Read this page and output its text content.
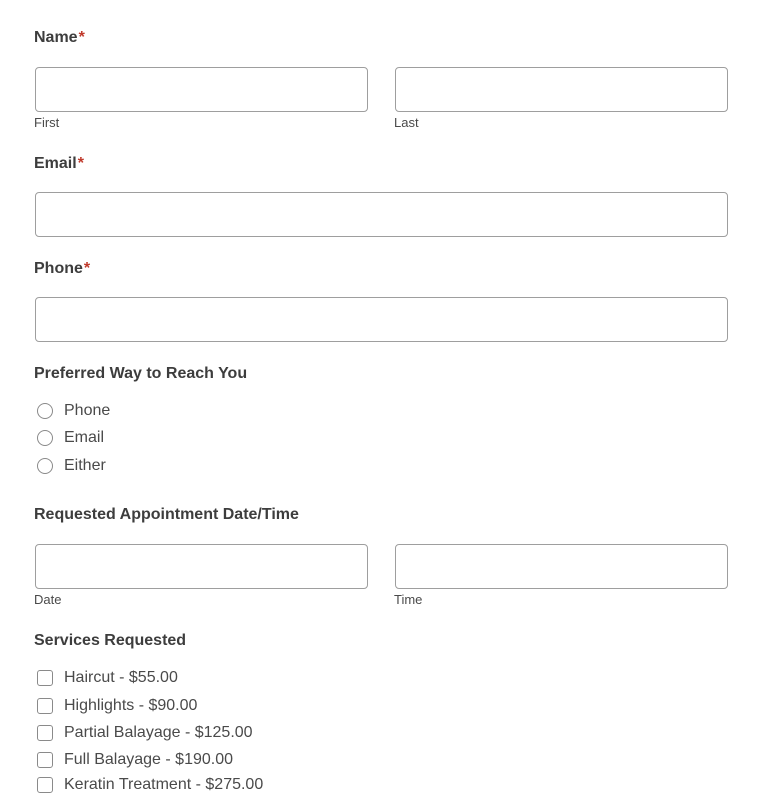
Name*
First	Last
Email*
Phone*
Preferred Way to Reach You
Phone
Email
Either
Requested Appointment Date/Time
Date	Time
Services Requested
Haircut - $55.00
Highlights - $90.00
Partial Balayage - $125.00
Full Balayage - $190.00
Keratin Treatment - $275.00
